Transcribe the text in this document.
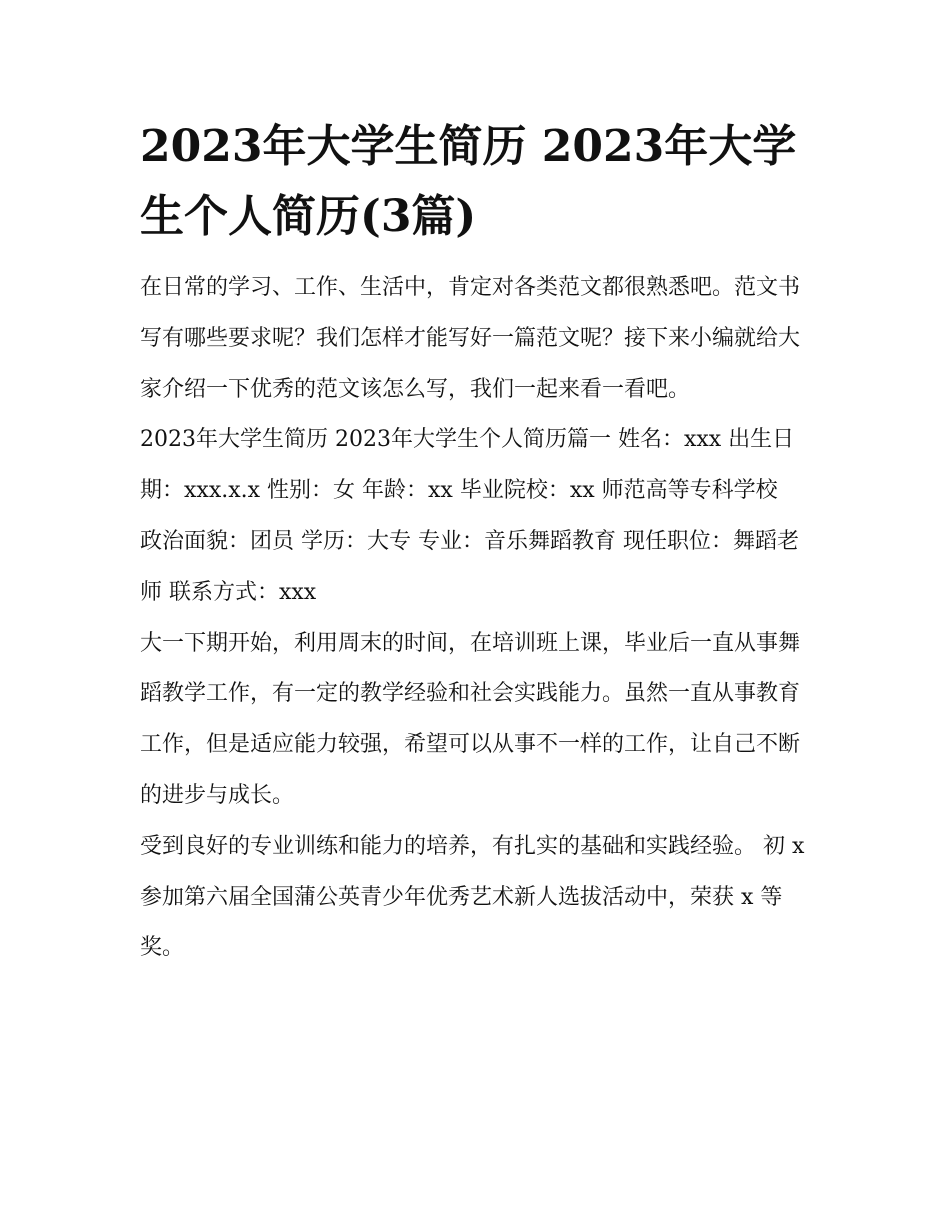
2023年大学生简历 2023年大学生个人简历(3篇)

在日常的学习、工作、生活中，肯定对各类范文都很熟悉吧。范文书写有哪些要求呢？我们怎样才能写好一篇范文呢？接下来小编就给大家介绍一下优秀的范文该怎么写，我们一起来看一看吧。

2023年大学生简历 2023年大学生个人简历篇一 姓名：xxx 出生日期：xxx.x.x 性别：女 年龄：xx 毕业院校：xx 师范高等专科学校

政治面貌：团员 学历：大专 专业：音乐舞蹈教育 现任职位：舞蹈老师 联系方式：xxx

大一下期开始，利用周末的时间，在培训班上课，毕业后一直从事舞蹈教学工作，有一定的教学经验和社会实践能力。虽然一直从事教育工作，但是适应能力较强，希望可以从事不一样的工作，让自己不断的进步与成长。

受到良好的专业训练和能力的培养，有扎实的基础和实践经验。 初 x 参加第六届全国蒲公英青少年优秀艺术新人选拔活动中，荣获 x 等奖。
